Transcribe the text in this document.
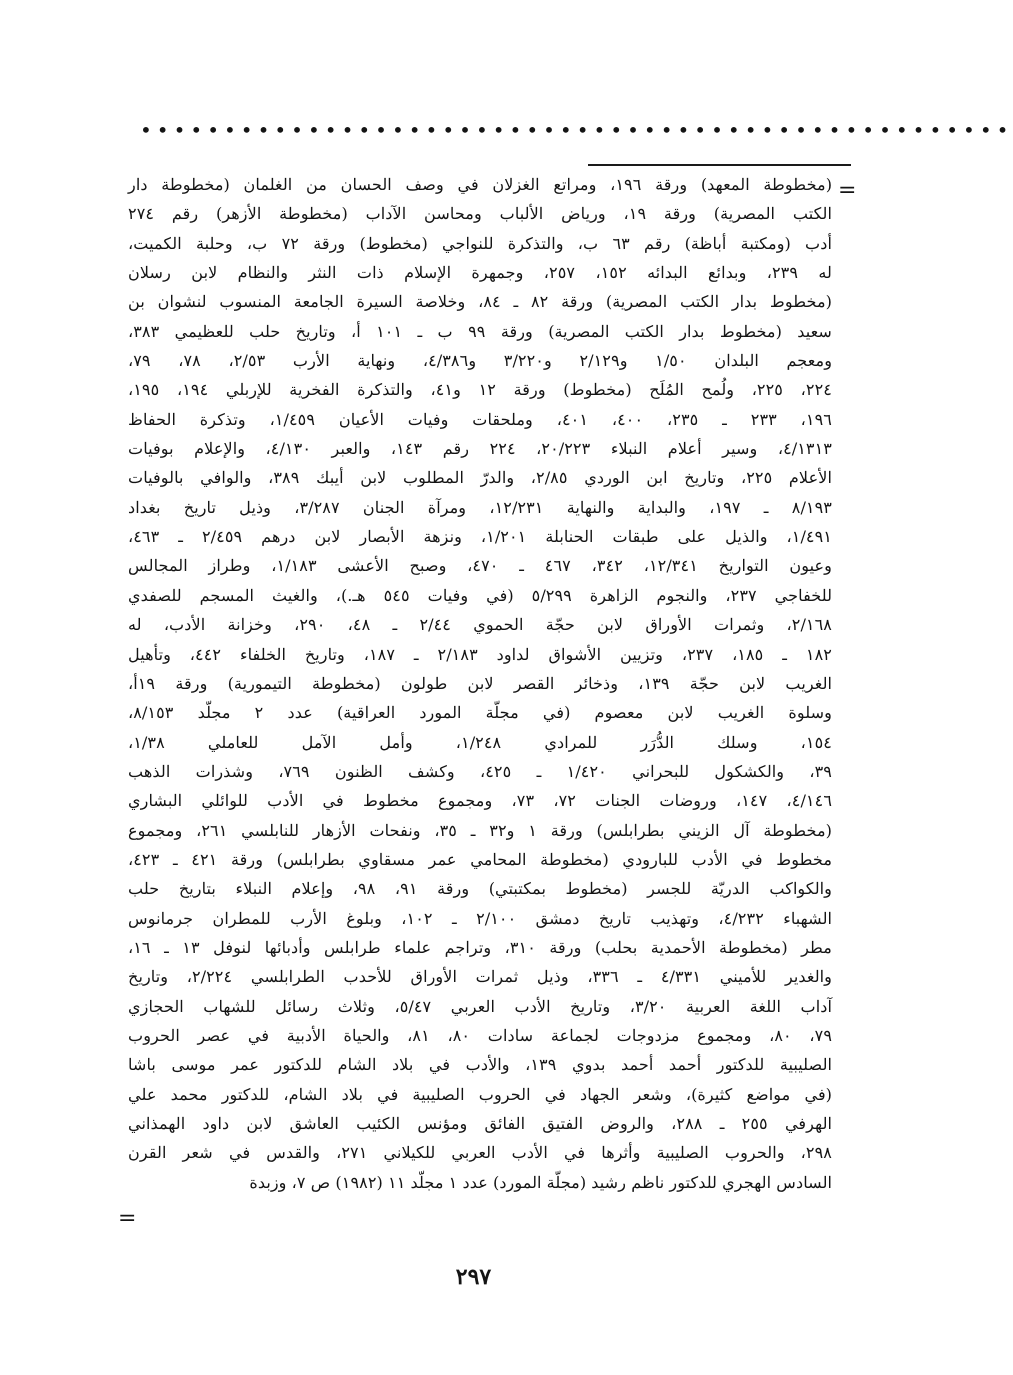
••••••••••••••••••••••••••••••••••••••••••••••••••••
=
(مخطوطة المعهد) ورقة ١٩٦، ومراتع الغزلان في وصف الحسان من الغلمان (مخطوطة دار
الكتب المصرية) ورقة ١٩، ورياض الألباب ومحاسن الآداب (مخطوطة الأزهر) رقم ٢٧٤
أدب (ومكتبة أباظة) رقم ٦٣ ب، والتذكرة للنواجي (مخطوط) ورقة ٧٢ ب، وحلبة الكميت،
له ٢٣٩، وبدائع البدائه ١٥٢، ٢٥٧، وجمهرة الإسلام ذات النثر والنظام لابن رسلان
(مخطوط بدار الكتب المصرية) ورقة ٨٢ ـ ٨٤، وخلاصة السيرة الجامعة المنسوب لنشوان بن
سعيد (مخطوط بدار الكتب المصرية) ورقة ٩٩ ب ـ ١٠١ أ، وتاريخ حلب للعظيمي ٣٨٣،
ومعجم البلدان ١/٥٠ و٢/١٢٩ و٣/٢٢٠ و٤/٣٨٦، ونهاية الأرب ٢/٥٣، ٧٨، ٧٩،
٢٢٤، ٢٢٥، ولُمح المُلَح (مخطوط) ورقة ١٢ و٤١، والتذكرة الفخرية للإربلي ١٩٤، ١٩٥،
١٩٦، ٢٣٣ ـ ٢٣٥، ٤٠٠، ٤٠١، وملحقات وفيات الأعيان ١/٤٥٩، وتذكرة الحفاظ
٤/١٣١٣، وسير أعلام النبلاء ٢٠/٢٢٣، ٢٢٤ رقم ١٤٣، والعبر ٤/١٣٠، والإعلام بوفيات
الأعلام ٢٢٥، وتاريخ ابن الوردي ٢/٨٥، والدرّ المطلوب لابن أيبك ٣٨٩، والوافي بالوفيات
٨/١٩٣ ـ ١٩٧، والبداية والنهاية ١٢/٢٣١، ومرآة الجنان ٣/٢٨٧، وذيل تاريخ بغداد
١/٤٩١، والذيل على طبقات الحنابلة ١/٢٠١، ونزهة الأبصار لابن درهم ٢/٤٥٩ ـ ٤٦٣،
وعيون التواريخ ١٢/٣٤١، ٣٤٢، ٤٦٧ ـ ٤٧٠، وصبح الأعشى ١/١٨٣، وطراز المجالس
للخفاجي ٢٣٧، والنجوم الزاهرة ٥/٢٩٩ (في وفيات ٥٤٥ هـ.)، والغيث المسجم للصفدي
٢/١٦٨، وثمرات الأوراق لابن حجّة الحموي ٢/٤٤ ـ ٤٨، ٢٩٠، وخزانة الأدب، له
١٨٢ ـ ١٨٥، ٢٣٧، وتزيين الأشواق لداود ٢/١٨٣ ـ ١٨٧، وتاريخ الخلفاء ٤٤٢، وتأهيل
الغريب لابن حجّة ١٣٩، وذخائر القصر لابن طولون (مخطوطة التيمورية) ورقة ١٩أ،
وسلوة الغريب لابن معصوم (في مجلّة المورد العراقية) عدد ٢ مجلّد ٨/١٥٣،
١٥٤، وسلك الدُّرَر للمرادي ١/٢٤٨، وأمل الآمل للعاملي ١/٣٨،
٣٩، والكشكول للبحراني ١/٤٢٠ ـ ٤٢٥، وكشف الظنون ٧٦٩، وشذرات الذهب
٤/١٤٦، ١٤٧، وروضات الجنات ٧٢، ٧٣، ومجموع مخطوط في الأدب للوائلي البشاري
(مخطوطة آل الزيني بطرابلس) ورقة ١ و٣٢ ـ ٣٥، ونفحات الأزهار للنابلسي ٢٦١، ومجموع
مخطوط في الأدب للبارودي (مخطوطة المحامي عمر مسقاوي بطرابلس) ورقة ٤٢١ ـ ٤٢٣،
والكواكب الدريّة للجسر (مخطوط بمكتبتي) ورقة ٩١، ٩٨، وإعلام النبلاء بتاريخ حلب
الشهباء ٤/٢٣٢، وتهذيب تاريخ دمشق ٢/١٠٠ ـ ١٠٢، وبلوغ الأرب للمطران جرمانوس
مطر (مخطوطة الأحمدية بحلب) ورقة ٣١٠، وتراجم علماء طرابلس وأدبائها لنوفل ١٣ ـ ١٦،
والغدير للأميني ٤/٣٣١ ـ ٣٣٦، وذيل ثمرات الأوراق للأحدب الطرابلسي ٢/٢٢٤، وتاريخ
آداب اللغة العربية ٣/٢٠، وتاريخ الأدب العربي ٥/٤٧، وثلاث رسائل للشهاب الحجازي
٧٩، ٨٠، ومجموع مزدوجات لجماعة سادات ٨٠، ٨١، والحياة الأدبية في عصر الحروب
الصليبية للدكتور أحمد أحمد بدوي ١٣٩، والأدب في بلاد الشام للدكتور عمر موسى باشا
(في مواضع كثيرة)، وشعر الجهاد في الحروب الصليبية في بلاد الشام، للدكتور محمد علي
الهرفي ٢٥٥ ـ ٢٨٨، والروض الفتيق الفائق ومؤنس الكئيب العاشق لابن داود الهمذاني
٢٩٨، والحروب الصليبية وأثرها في الأدب العربي للكيلاني ٢٧١، والقدس في شعر القرن
السادس الهجري للدكتور ناظم رشيد (مجلّة المورد) عدد ١ مجلّد ١١ (١٩٨٢) ص ٧، وزبدة
=
٢٩٧
